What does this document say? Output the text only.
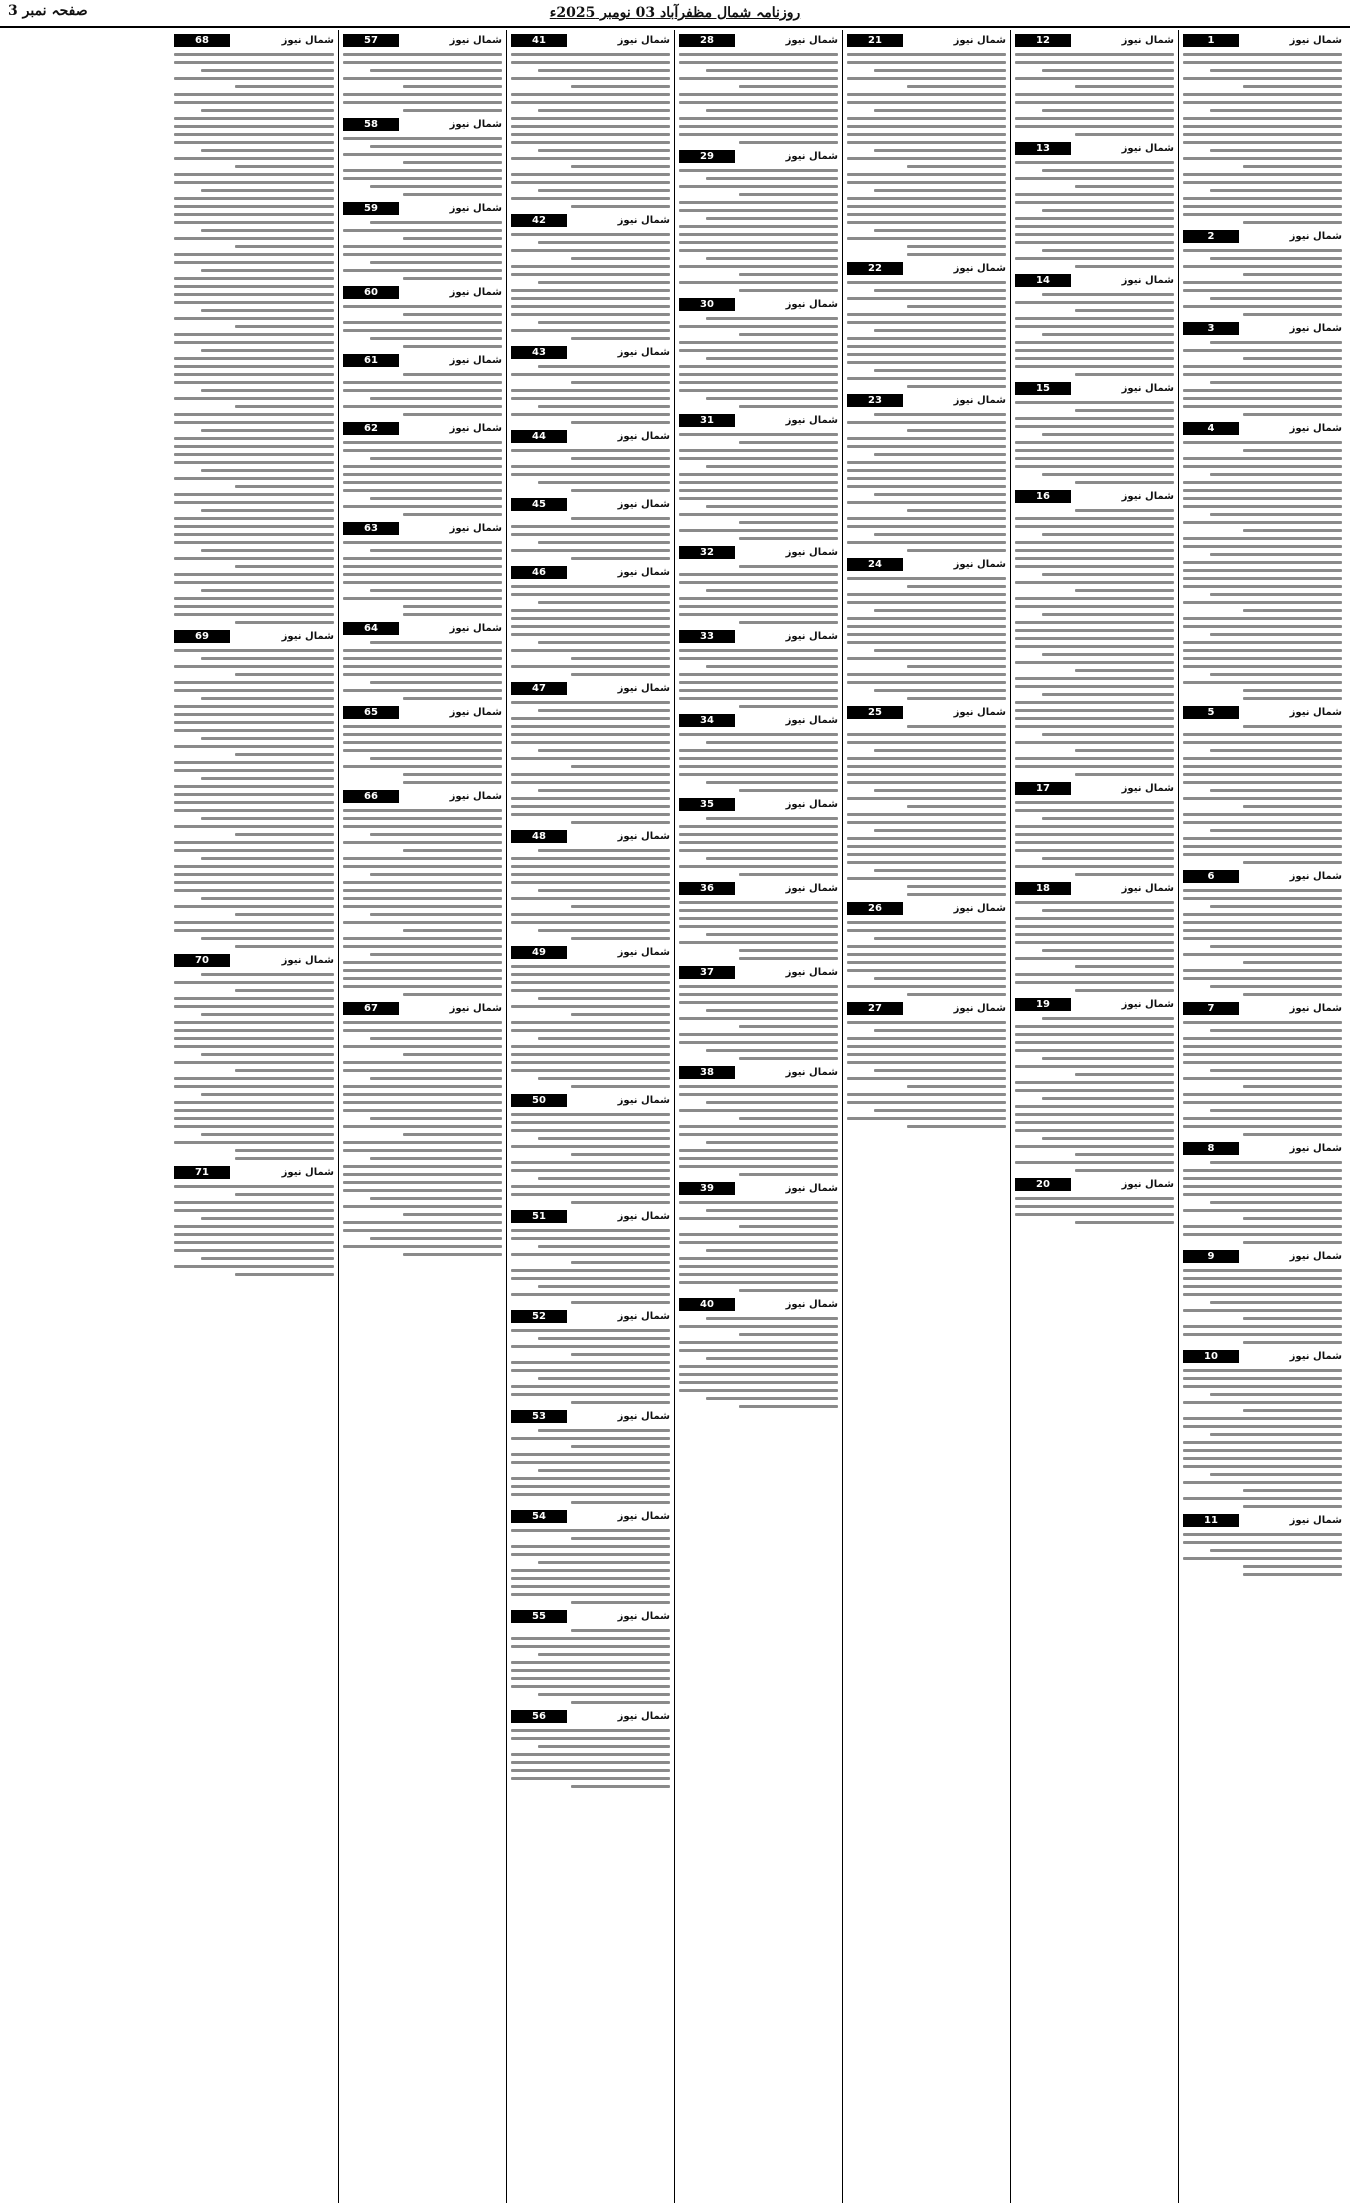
روزنامہ شمال مظفرآباد 03 نومبر 2025ء
صفحہ نمبر 3
شمال نیوز
1
شمال نیوز
2
شمال نیوز
3
شمال نیوز
4
شمال نیوز
5
شمال نیوز
6
شمال نیوز
7
شمال نیوز
8
شمال نیوز
9
شمال نیوز
10
شمال نیوز
11
شمال نیوز
12
شمال نیوز
13
شمال نیوز
14
شمال نیوز
15
شمال نیوز
16
شمال نیوز
17
شمال نیوز
18
شمال نیوز
19
شمال نیوز
20
شمال نیوز
21
شمال نیوز
22
شمال نیوز
23
شمال نیوز
24
شمال نیوز
25
شمال نیوز
26
شمال نیوز
27
شمال نیوز
28
شمال نیوز
29
شمال نیوز
30
شمال نیوز
31
شمال نیوز
32
شمال نیوز
33
شمال نیوز
34
شمال نیوز
35
شمال نیوز
36
شمال نیوز
37
شمال نیوز
38
شمال نیوز
39
شمال نیوز
40
شمال نیوز
41
شمال نیوز
42
شمال نیوز
43
شمال نیوز
44
شمال نیوز
45
شمال نیوز
46
شمال نیوز
47
شمال نیوز
48
شمال نیوز
49
شمال نیوز
50
شمال نیوز
51
شمال نیوز
52
شمال نیوز
53
شمال نیوز
54
شمال نیوز
55
شمال نیوز
56
شمال نیوز
57
شمال نیوز
58
شمال نیوز
59
شمال نیوز
60
شمال نیوز
61
شمال نیوز
62
شمال نیوز
63
شمال نیوز
64
شمال نیوز
65
شمال نیوز
66
شمال نیوز
67
شمال نیوز
68
شمال نیوز
69
شمال نیوز
70
شمال نیوز
71
